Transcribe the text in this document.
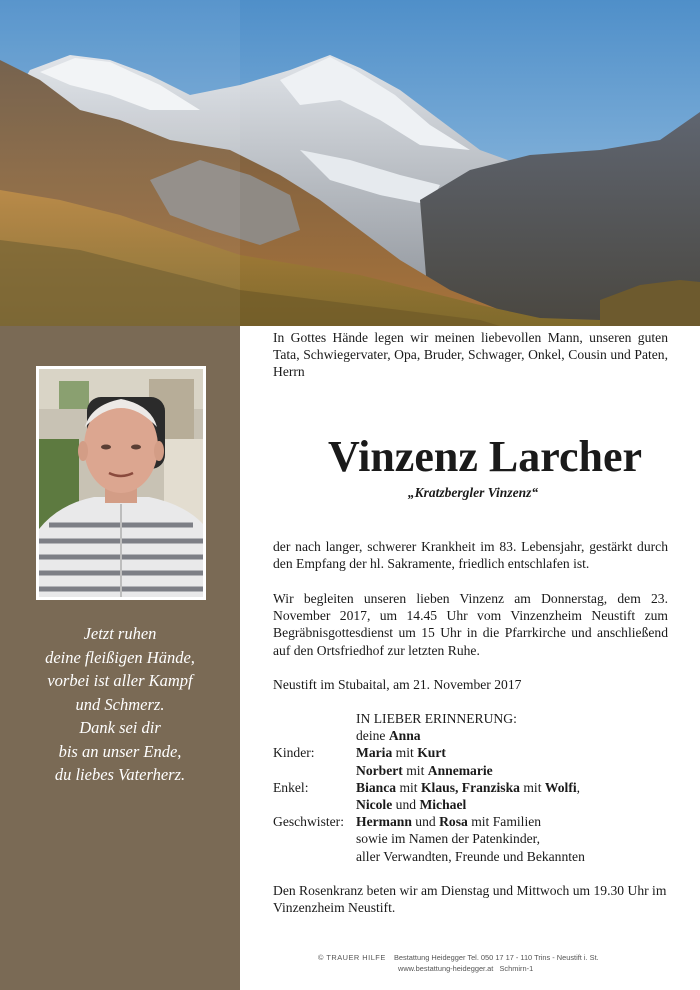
Jetzt ruhen
deine fleißigen Hände,
vorbei ist aller Kampf
und Schmerz.
Dank sei dir
bis an unser Ende,
du liebes Vaterherz.
In Gottes Hände legen wir meinen liebevollen Mann, unseren guten Tata, Schwiegervater, Opa, Bruder, Schwager, Onkel, Cousin und Paten, Herrn
Vinzenz Larcher
„Kratzbergler Vinzenz“
der nach langer, schwerer Krankheit im 83. Lebensjahr, gestärkt durch den Empfang der hl. Sakramente, friedlich entschlafen ist.
Wir begleiten unseren lieben Vinzenz am Donnerstag, dem 23. November 2017, um 14.45 Uhr vom Vinzenzheim Neustift zum Begräbnisgottesdienst um 15 Uhr in die Pfarrkirche und anschließend auf den Ortsfriedhof zur letzten Ruhe.
Neustift im Stubaital, am 21. November 2017
IN LIEBER ERINNERUNG:
deine Anna
Kinder:	Maria mit Kurt
Norbert mit Annemarie
Enkel:	Bianca mit Klaus, Franziska mit Wolfi,
Nicole und Michael
Geschwister: Hermann und Rosa mit Familien
sowie im Namen der Patenkinder,
aller Verwandten, Freunde und Bekannten
Den Rosenkranz beten wir am Dienstag und Mittwoch um 19.30 Uhr im Vinzenzheim Neustift.
© TRAUER HILFE Bestattung Heidegger Tel. 050 17 17 - 110 Trins - Neustift i. St.
www.bestattung-heidegger.at Schmirn-1
